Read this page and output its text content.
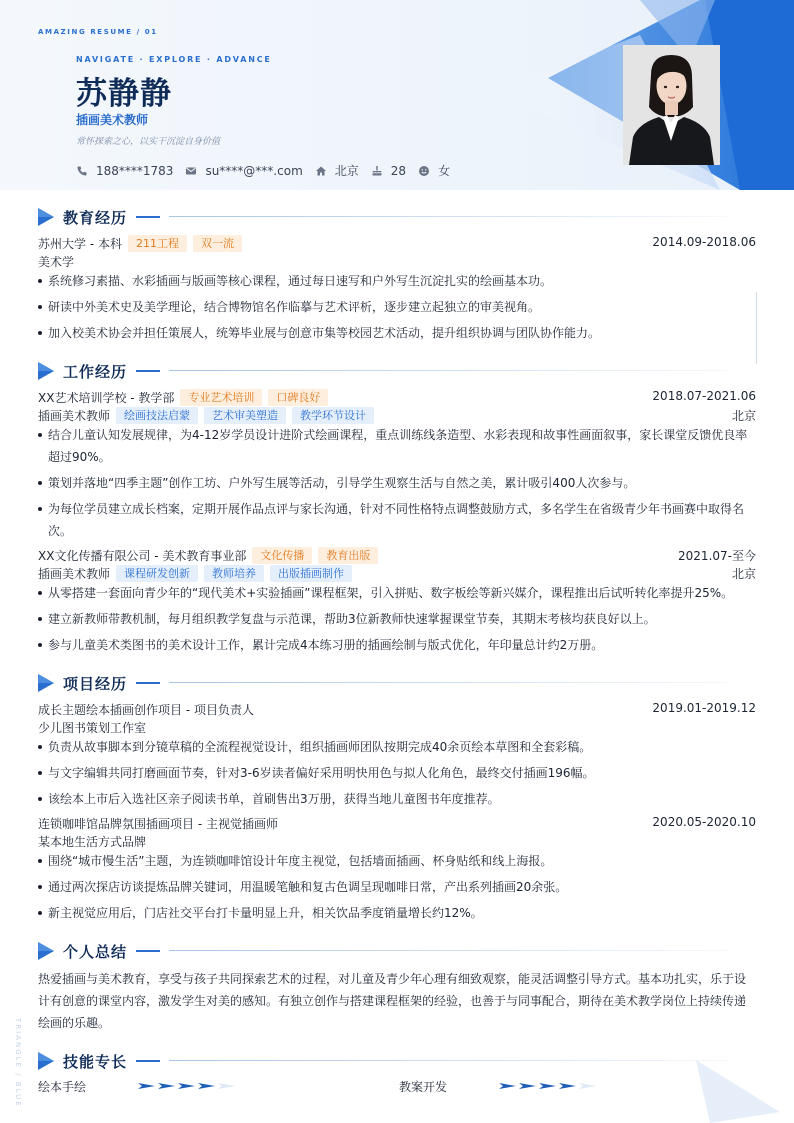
AMAZING RESUME / 01
NAVIGATE · EXPLORE · ADVANCE
苏静静
插画美术教师
常怀探索之心，以实干沉淀自身价值
188****1783	su****@***.com	北京	28	女
教育经历
苏州大学 - 本科	211工程	双一流	2014.09-2018.06
美术学
系统修习素描、水彩插画与版画等核心课程，通过每日速写和户外写生沉淀扎实的绘画基本功。
研读中外美术史及美学理论，结合博物馆名作临摹与艺术评析，逐步建立起独立的审美视角。
加入校美术协会并担任策展人，统筹毕业展与创意市集等校园艺术活动，提升组织协调与团队协作能力。
工作经历
XX艺术培训学校 - 教学部	专业艺术培训	口碑良好	2018.07-2021.06
插画美术教师	绘画技法启蒙	艺术审美塑造	教学环节设计	北京
结合儿童认知发展规律，为4-12岁学员设计进阶式绘画课程，重点训练线条造型、水彩表现和故事性画面叙事，家长课堂反馈优良率超过90%。
策划并落地“四季主题”创作工坊、户外写生展等活动，引导学生观察生活与自然之美，累计吸引400人次参与。
为每位学员建立成长档案，定期开展作品点评与家长沟通，针对不同性格特点调整鼓励方式，多名学生在省级青少年书画赛中取得名次。
XX文化传播有限公司 - 美术教育事业部	文化传播	教育出版	2021.07-至今
插画美术教师	课程研发创新	教师培养	出版插画制作	北京
从零搭建一套面向青少年的“现代美术+实验插画”课程框架，引入拼贴、数字板绘等新兴媒介，课程推出后试听转化率提升25%。
建立新教师带教机制，每月组织教学复盘与示范课，帮助3位新教师快速掌握课堂节奏，其期末考核均获良好以上。
参与儿童美术类图书的美术设计工作，累计完成4本练习册的插画绘制与版式优化，年印量总计约2万册。
项目经历
成长主题绘本插画创作项目 - 项目负责人	2019.01-2019.12
少儿图书策划工作室
负责从故事脚本到分镜草稿的全流程视觉设计，组织插画师团队按期完成40余页绘本草图和全套彩稿。
与文字编辑共同打磨画面节奏，针对3-6岁读者偏好采用明快用色与拟人化角色，最终交付插画196幅。
该绘本上市后入选社区亲子阅读书单，首刷售出3万册，获得当地儿童图书年度推荐。
连锁咖啡馆品牌氛围插画项目 - 主视觉插画师	2020.05-2020.10
某本地生活方式品牌
围绕“城市慢生活”主题，为连锁咖啡馆设计年度主视觉，包括墙面插画、杯身贴纸和线上海报。
通过两次探店访谈提炼品牌关键词，用温暖笔触和复古色调呈现咖啡日常，产出系列插画20余张。
新主视觉应用后，门店社交平台打卡量明显上升，相关饮品季度销量增长约12%。
个人总结
热爱插画与美术教育，享受与孩子共同探索艺术的过程，对儿童及青少年心理有细致观察，能灵活调整引导方式。基本功扎实，乐于设计有创意的课堂内容，激发学生对美的感知。有独立创作与搭建课程框架的经验，也善于与同事配合，期待在美术教学岗位上持续传递绘画的乐趣。
技能专长
绘本手绘	教案开发
TRIANGLE / BLUE
